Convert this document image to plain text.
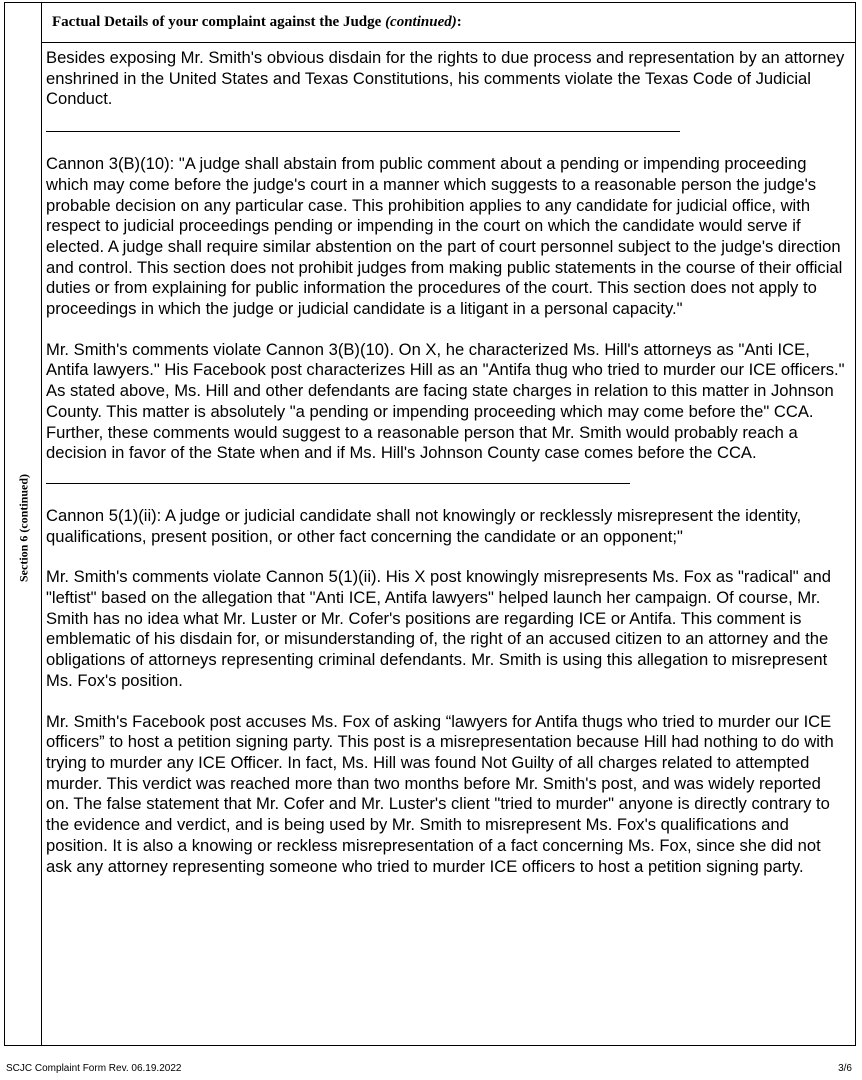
Section 6 (continued)
Factual Details of your complaint against the Judge (continued):

Besides exposing Mr. Smith's obvious disdain for the rights to due process and representation by an attorney enshrined in the United States and Texas Constitutions, his comments violate the Texas Code of Judicial Conduct.

Cannon 3(B)(10): "A judge shall abstain from public comment about a pending or impending proceeding which may come before the judge's court in a manner which suggests to a reasonable person the judge's probable decision on any particular case. This prohibition applies to any candidate for judicial office, with respect to judicial proceedings pending or impending in the court on which the candidate would serve if elected. A judge shall require similar abstention on the part of court personnel subject to the judge's direction and control. This section does not prohibit judges from making public statements in the course of their official duties or from explaining for public information the procedures of the court. This section does not apply to proceedings in which the judge or judicial candidate is a litigant in a personal capacity."

Mr. Smith's comments violate Cannon 3(B)(10). On X, he characterized Ms. Hill's attorneys as "Anti ICE, Antifa lawyers." His Facebook post characterizes Hill as an "Antifa thug who tried to murder our ICE officers." As stated above, Ms. Hill and other defendants are facing state charges in relation to this matter in Johnson County. This matter is absolutely "a pending or impending proceeding which may come before the" CCA. Further, these comments would suggest to a reasonable person that Mr. Smith would probably reach a decision in favor of the State when and if Ms. Hill's Johnson County case comes before the CCA.

Cannon 5(1)(ii): A judge or judicial candidate shall not knowingly or recklessly misrepresent the identity, qualifications, present position, or other fact concerning the candidate or an opponent;"

Mr. Smith's comments violate Cannon 5(1)(ii). His X post knowingly misrepresents Ms. Fox as "radical" and "leftist" based on the allegation that "Anti ICE, Antifa lawyers" helped launch her campaign. Of course, Mr. Smith has no idea what Mr. Luster or Mr. Cofer's positions are regarding ICE or Antifa. This comment is emblematic of his disdain for, or misunderstanding of, the right of an accused citizen to an attorney and the obligations of attorneys representing criminal defendants. Mr. Smith is using this allegation to misrepresent Ms. Fox's position.

Mr. Smith's Facebook post accuses Ms. Fox of asking “lawyers for Antifa thugs who tried to murder our ICE officers” to host a petition signing party. This post is a misrepresentation because Hill had nothing to do with trying to murder any ICE Officer. In fact, Ms. Hill was found Not Guilty of all charges related to attempted murder. This verdict was reached more than two months before Mr. Smith's post, and was widely reported on. The false statement that Mr. Cofer and Mr. Luster's client "tried to murder" anyone is directly contrary to the evidence and verdict, and is being used by Mr. Smith to misrepresent Ms. Fox's qualifications and position. It is also a knowing or reckless misrepresentation of a fact concerning Ms. Fox, since she did not ask any attorney representing someone who tried to murder ICE officers to host a petition signing party.

SCJC Complaint Form Rev. 06.19.2022	3/6
